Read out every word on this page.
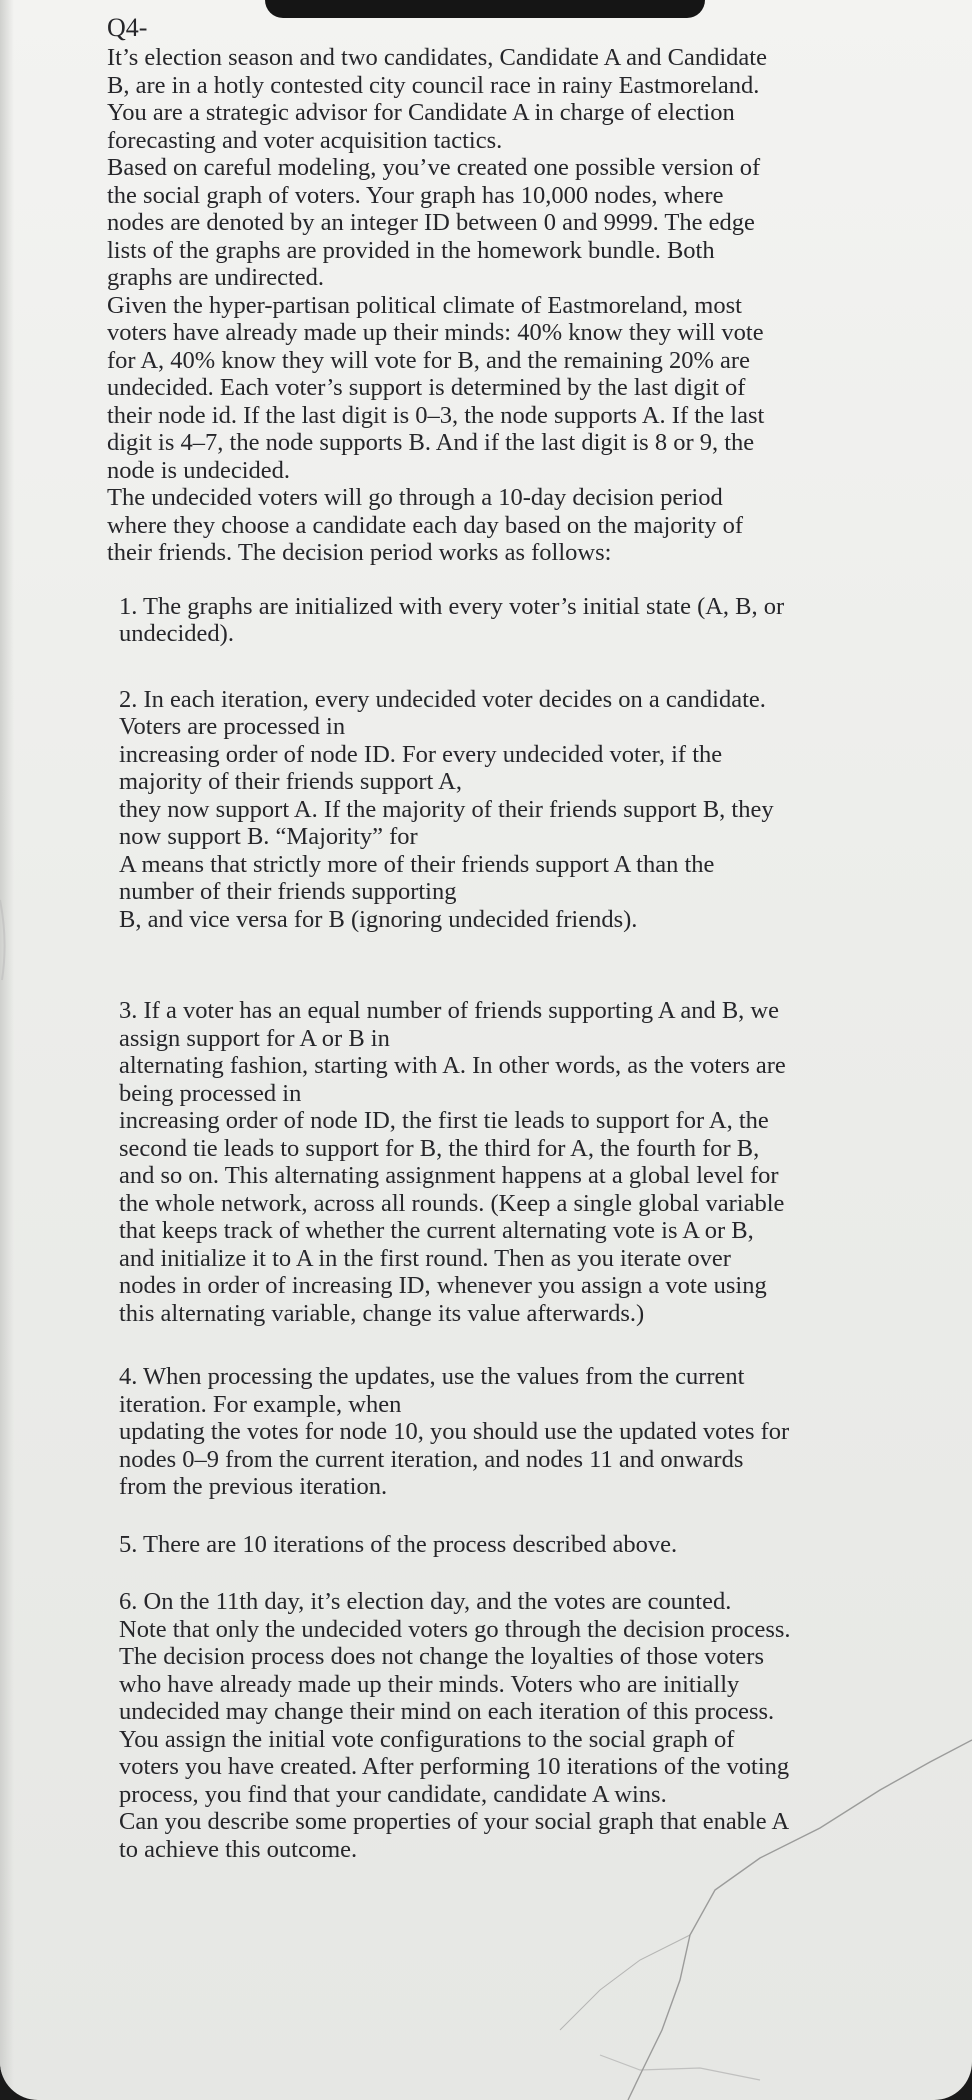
Q4-

It’s election season and two candidates, Candidate A and Candidate
B, are in a hotly contested city council race in rainy Eastmoreland.
You are a strategic advisor for Candidate A in charge of election
forecasting and voter acquisition tactics.

Based on careful modeling, you’ve created one possible version of
the social graph of voters. Your graph has 10,000 nodes, where
nodes are denoted by an integer ID between 0 and 9999. The edge
lists of the graphs are provided in the homework bundle. Both
graphs are undirected.

Given the hyper-partisan political climate of Eastmoreland, most
voters have already made up their minds: 40% know they will vote
for A, 40% know they will vote for B, and the remaining 20% are
undecided. Each voter’s support is determined by the last digit of
their node id. If the last digit is 0–3, the node supports A. If the last
digit is 4–7, the node supports B. And if the last digit is 8 or 9, the
node is undecided.

The undecided voters will go through a 10-day decision period
where they choose a candidate each day based on the majority of
their friends. The decision period works as follows:

1. The graphs are initialized with every voter’s initial state (A, B, or
undecided).

2. In each iteration, every undecided voter decides on a candidate.
Voters are processed in
increasing order of node ID. For every undecided voter, if the
majority of their friends support A,
they now support A. If the majority of their friends support B, they
now support B. “Majority” for
A means that strictly more of their friends support A than the
number of their friends supporting
B, and vice versa for B (ignoring undecided friends).

3. If a voter has an equal number of friends supporting A and B, we
assign support for A or B in
alternating fashion, starting with A. In other words, as the voters are
being processed in
increasing order of node ID, the first tie leads to support for A, the
second tie leads to support for B, the third for A, the fourth for B,
and so on. This alternating assignment happens at a global level for
the whole network, across all rounds. (Keep a single global variable
that keeps track of whether the current alternating vote is A or B,
and initialize it to A in the first round. Then as you iterate over
nodes in order of increasing ID, whenever you assign a vote using
this alternating variable, change its value afterwards.)

4. When processing the updates, use the values from the current
iteration. For example, when
updating the votes for node 10, you should use the updated votes for
nodes 0–9 from the current iteration, and nodes 11 and onwards
from the previous iteration.

5. There are 10 iterations of the process described above.

6. On the 11th day, it’s election day, and the votes are counted.
Note that only the undecided voters go through the decision process.
The decision process does not change the loyalties of those voters
who have already made up their minds. Voters who are initially
undecided may change their mind on each iteration of this process.
You assign the initial vote configurations to the social graph of
voters you have created. After performing 10 iterations of the voting
process, you find that your candidate, candidate A wins.
Can you describe some properties of your social graph that enable A
to achieve this outcome.
